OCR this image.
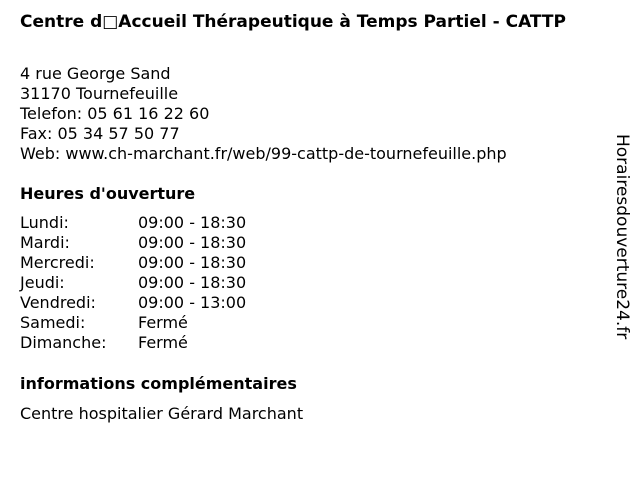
Centre d□Accueil Thérapeutique à Temps Partiel - CATTP
4 rue George Sand
31170 Tournefeuille
Telefon: 05 61 16 22 60
Fax: 05 34 57 50 77
Web: www.ch-marchant.fr/web/99-cattp-de-tournefeuille.php
Heures d'ouverture
Lundi:	09:00 - 18:30
Mardi:	09:00 - 18:30
Mercredi:	09:00 - 18:30
Jeudi:	09:00 - 18:30
Vendredi:	09:00 - 13:00
Samedi:	Fermé
Dimanche:	Fermé
informations complémentaires
Centre hospitalier Gérard Marchant
Horairesdouverture24.fr
